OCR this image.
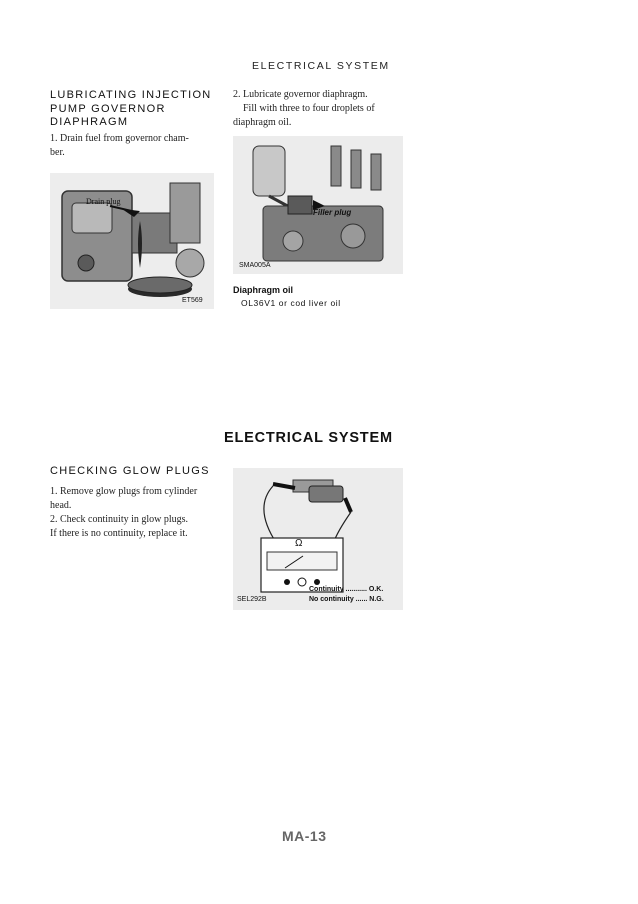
ELECTRICAL SYSTEM
LUBRICATING INJECTION
PUMP GOVERNOR
DIAPHRAGM
1. Drain fuel from governor cham-
ber.
Drain plug
ET569
2. Lubricate governor diaphragm.
Fill with three to four droplets of
diaphragm oil.
Filler plug
SMA005A
Diaphragm oil
OL36V1 or cod liver oil
ELECTRICAL SYSTEM
CHECKING GLOW PLUGS
1. Remove glow plugs from cylinder
head.
2. Check continuity in glow plugs.
If there is no continuity, replace it.
Ω
SEL292B
Continuity ........... O.K.
No continuity ...... N.G.
MA-13
